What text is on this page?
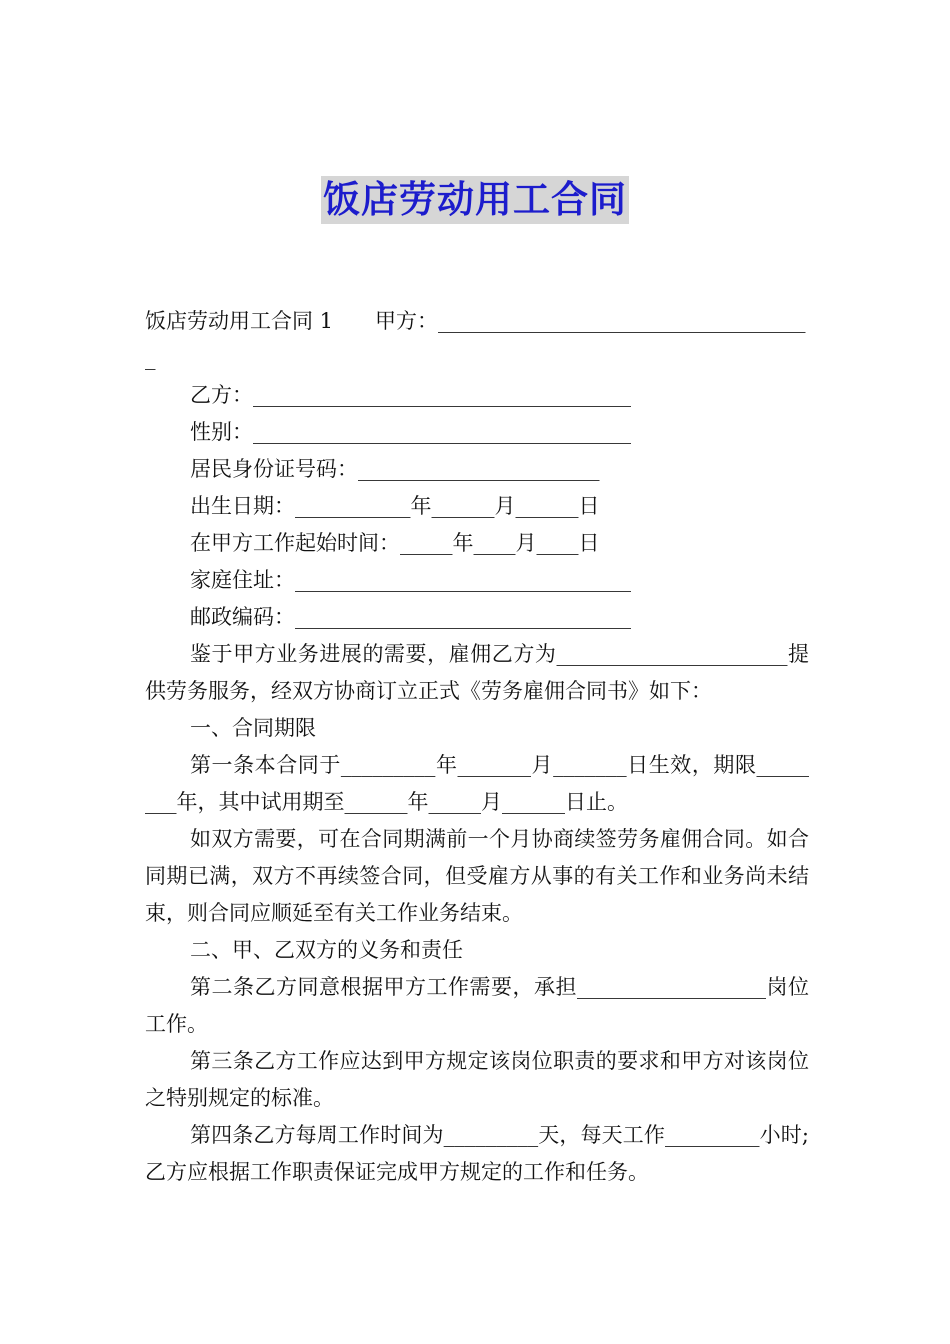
饭店劳动用工合同
饭店劳动用工合同 1　　甲方：___________________________________
_
乙方：____________________________________
性别：____________________________________
居民身份证号码：_______________________
出生日期：___________年______月______日
在甲方工作起始时间：_____年____月____日
家庭住址：________________________________
邮政编码：________________________________
鉴于甲方业务进展的需要，雇佣乙方为______________________提供劳务服务，经双方协商订立正式《劳务雇佣合同书》如下：
一、合同期限
第一条本合同于_________年_______月_______日生效，期限________年，其中试用期至______年_____月______日止。
如双方需要，可在合同期满前一个月协商续签劳务雇佣合同。如合同期已满，双方不再续签合同，但受雇方从事的有关工作和业务尚未结束，则合同应顺延至有关工作业务结束。
二、甲、乙双方的义务和责任
第二条乙方同意根据甲方工作需要，承担__________________岗位工作。
第三条乙方工作应达到甲方规定该岗位职责的要求和甲方对该岗位之特别规定的标准。
第四条乙方每周工作时间为_________天，每天工作_________小时;乙方应根据工作职责保证完成甲方规定的工作和任务。
